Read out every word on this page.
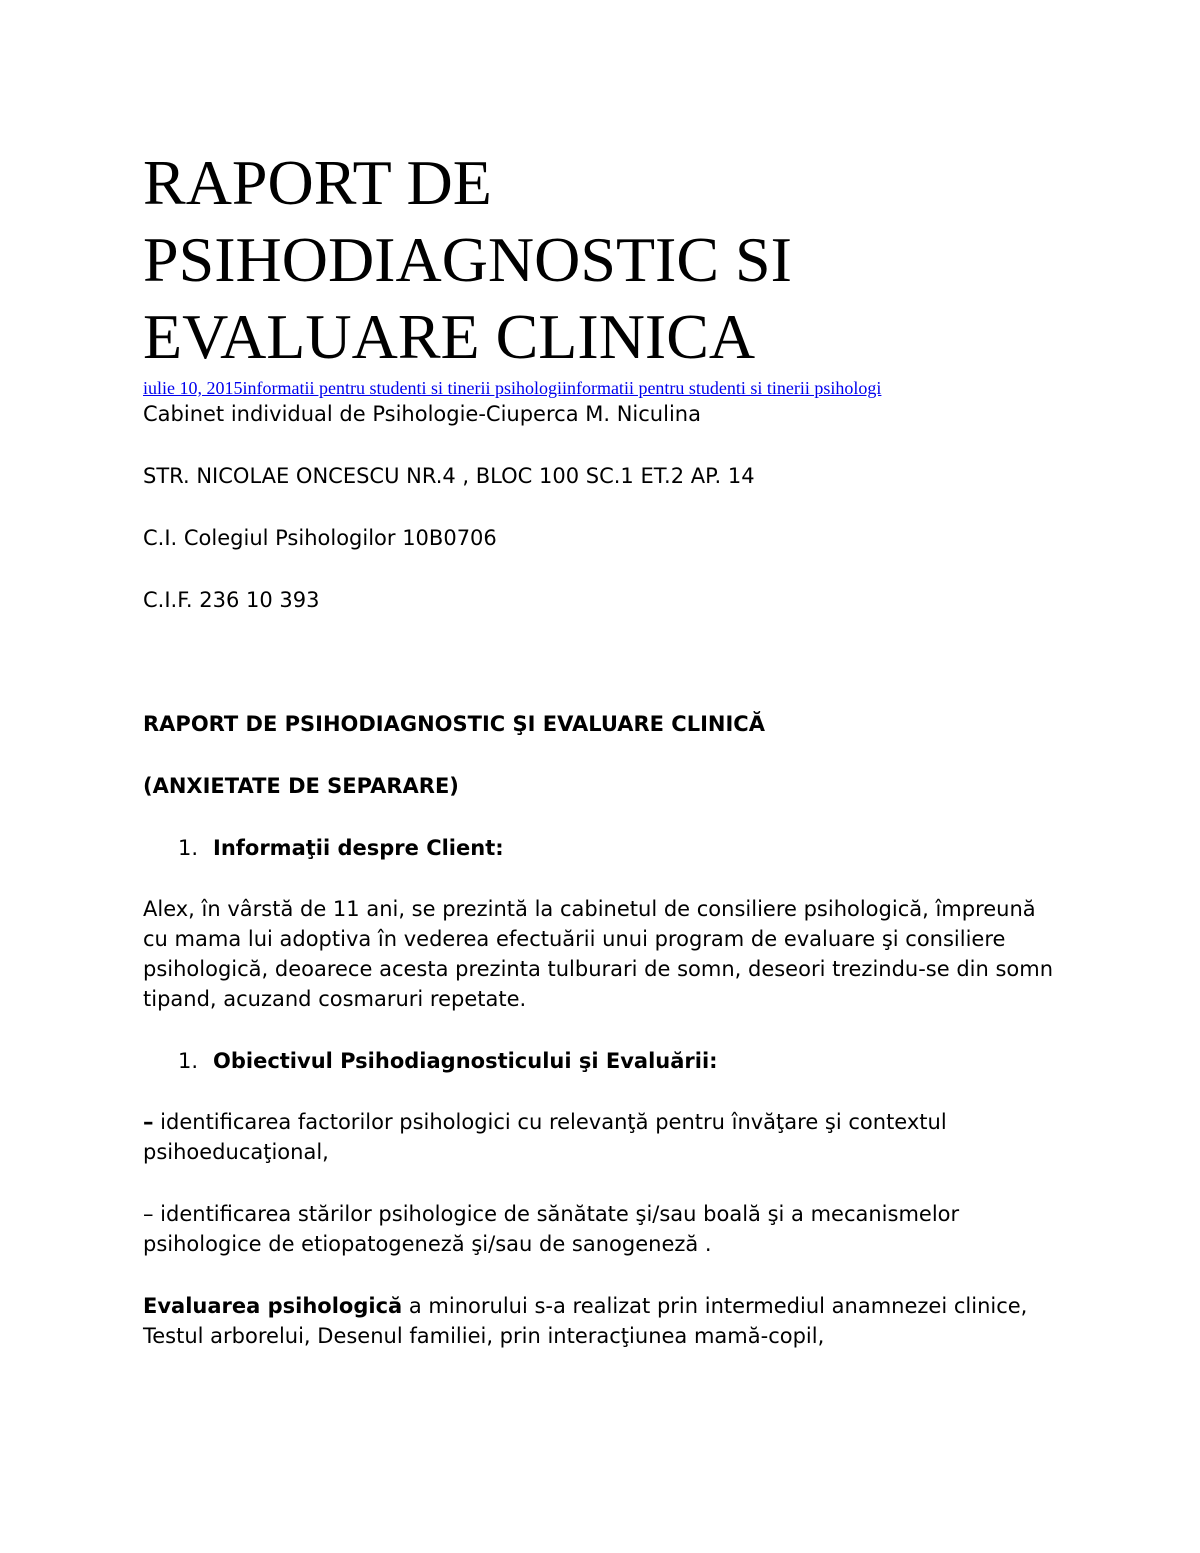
RAPORT DE
PSIHODIAGNOSTIC SI
EVALUARE CLINICA
iulie 10, 2015informatii pentru studenti si tinerii psihologiinformatii pentru studenti si tinerii psihologi

Cabinet individual de Psihologie-Ciuperca M. Niculina

STR. NICOLAE ONCESCU NR.4 , BLOC 100 SC.1 ET.2 AP. 14

C.I. Colegiul Psihologilor 10B0706

C.I.F. 236 10 393

RAPORT DE PSIHODIAGNOSTIC ŞI EVALUARE CLINICĂ

(ANXIETATE DE SEPARARE)

1. Informaţii despre Client:

Alex, în vârstă de 11 ani, se prezintă la cabinetul de consiliere psihologică, împreună cu mama lui adoptiva în vederea efectuării unui program de evaluare şi consiliere psihologică, deoarece acesta prezinta tulburari de somn, deseori trezindu-se din somn tipand, acuzand cosmaruri repetate.

1. Obiectivul Psihodiagnosticului şi Evaluării:

– identificarea factorilor psihologici cu relevanţă pentru învăţare şi contextul psihoeducaţional,

– identificarea stărilor psihologice de sănătate şi/sau boală şi a mecanismelor psihologice de etiopatogeneză şi/sau de sanogeneză .

Evaluarea psihologică a minorului s-a realizat prin intermediul anamnezei clinice, Testul arborelui, Desenul familiei, prin interacţiunea mamă-copil,
